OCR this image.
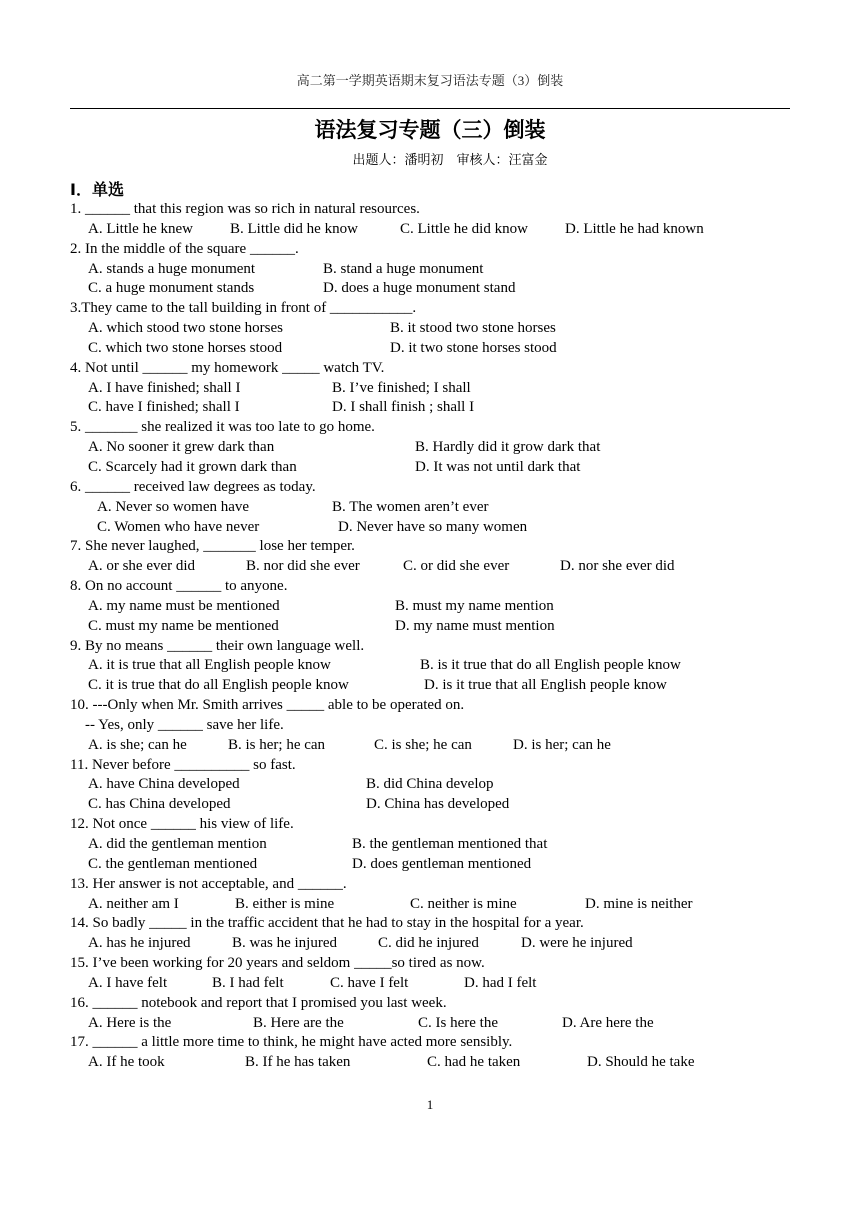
高二第一学期英语期末复习语法专题（3）倒装
语法复习专题（三）倒装
出题人：潘明初　审核人：汪富金
I．单选
1. ______ that this region was so rich in natural resources.
A. Little he knew B. Little did he know	C. Little he did know D. Little he had known
2. In the middle of the square ______.
A. stands a huge monument	B. stand a huge monument
C. a huge monument stands	D. does a huge monument stand
3.They came to the tall building in front of ___________.
A. which stood two stone horses	B. it stood two stone horses
C. which two stone horses stood	D. it two stone horses stood
4. Not until ______ my homework _____ watch TV.
A. I have finished; shall I	B. I’ve finished; I shall
C. have I finished; shall I	D. I shall finish ; shall I
5. _______ she realized it was too late to go home.
A. No sooner it grew dark than	B. Hardly did it grow dark that
C. Scarcely had it grown dark than	D. It was not until dark that
6. ______ received law degrees as today.
A. Never so women have	B. The women aren’t ever
C. Women who have never	D. Never have so many women
7. She never laughed, _______ lose her temper.
A. or she ever did	B. nor did she ever	C. or did she ever	D. nor she ever did
8. On no account ______ to anyone.
A. my name must be mentioned	B. must my name mention
C. must my name be mentioned	D. my name must mention
9. By no means ______ their own language well.
A. it is true that all English people know	B. is it true that do all English people know
C. it is true that do all English people know	D. is it true that all English people know
10. ---Only when Mr. Smith arrives _____ able to be operated on.
-- Yes, only ______ save her life.
A. is she; can he	B. is her; he can	C. is she; he can	D. is her; can he
11. Never before __________ so fast.
A. have China developed	B. did China develop
C. has China developed	D. China has developed
12. Not once ______ his view of life.
A. did the gentleman mention	B. the gentleman mentioned that
C. the gentleman mentioned	D. does gentleman mentioned
13. Her answer is not acceptable, and ______.
A. neither am I	B. either is mine	C. neither is mine	D. mine is neither
14. So badly _____ in the traffic accident that he had to stay in the hospital for a year.
A. has he injured	B. was he injured	C. did he injured	D. were he injured
15. I’ve been working for 20 years and seldom _____so tired as now.
A. I have felt	B. I had felt	C. have I felt	D. had I felt
16. ______ notebook and report that I promised you last week.
A. Here is the	B. Here are the	C. Is here the	D. Are here the
17. ______ a little more time to think, he might have acted more sensibly.
A. If he took	B. If he has taken	C. had he taken	D. Should he take
1
